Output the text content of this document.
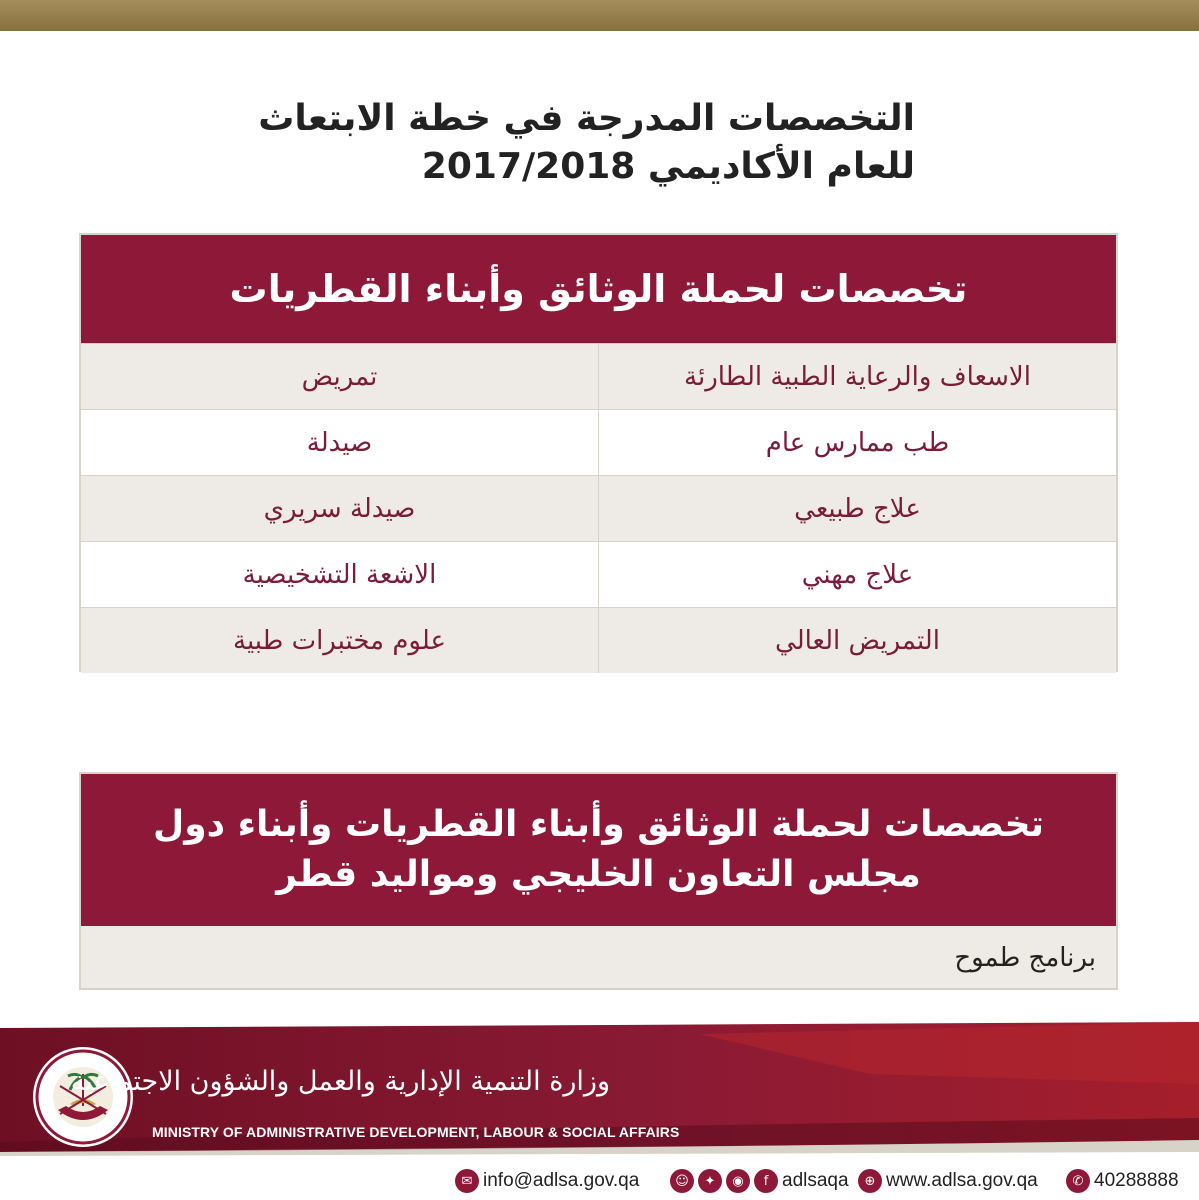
التخصصات المدرجة في خطة الابتعاث
للعام الأكاديمي 2017/2018
تخصصات لحملة الوثائق وأبناء القطريات
الاسعاف والرعاية الطبية الطارئة	تمريض
طب ممارس عام	صيدلة
علاج طبيعي	صيدلة سريري
علاج مهني	الاشعة التشخيصية
التمريض العالي	علوم مختبرات طبية
تخصصات لحملة الوثائق وأبناء القطريات وأبناء دول
مجلس التعاون الخليجي ومواليد قطر
برنامج طموح
وزارة التنمية الإدارية والعمل والشؤون الاجتماعية
MINISTRY OF ADMINISTRATIVE DEVELOPMENT, LABOUR & SOCIAL AFFAIRS
✉ info@adlsa.gov.qa	☺	✦	◉	f adlsaqa	⊕ www.adlsa.gov.qa	✆ 40288888
